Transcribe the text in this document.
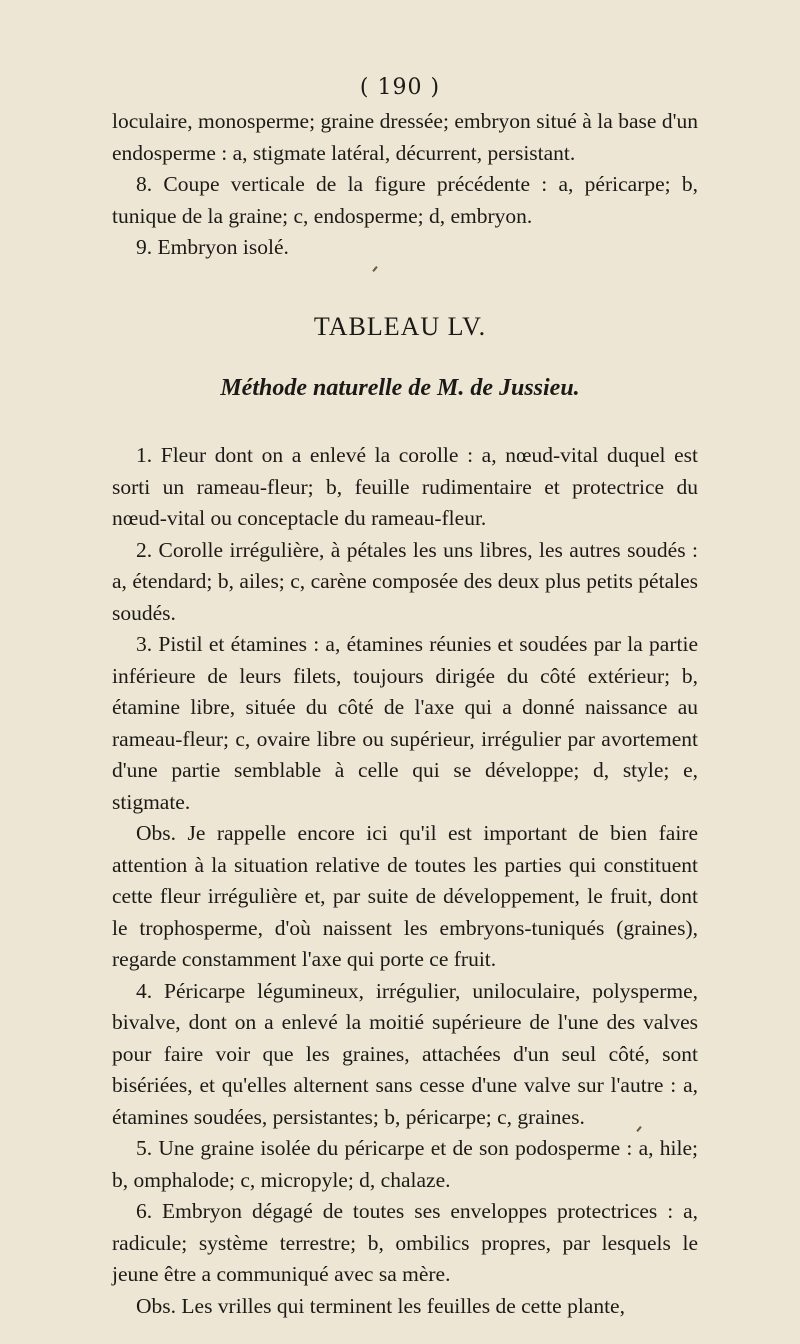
( 190 )

loculaire, monosperme; graine dressée; embryon situé à la base d'un endosperme : a, stigmate latéral, décurrent, persistant.

8. Coupe verticale de la figure précédente : a, péricarpe; b, tunique de la graine; c, endosperme; d, embryon.

9. Embryon isolé.

TABLEAU LV.
Méthode naturelle de M. de Jussieu.

1. Fleur dont on a enlevé la corolle : a, nœud-vital duquel est sorti un rameau-fleur; b, feuille rudimentaire et protectrice du nœud-vital ou conceptacle du rameau-fleur.

2. Corolle irrégulière, à pétales les uns libres, les autres soudés : a, étendard; b, ailes; c, carène composée des deux plus petits pétales soudés.

3. Pistil et étamines : a, étamines réunies et soudées par la partie inférieure de leurs filets, toujours dirigée du côté extérieur; b, étamine libre, située du côté de l'axe qui a donné naissance au rameau-fleur; c, ovaire libre ou supérieur, irrégulier par avortement d'une partie semblable à celle qui se développe; d, style; e, stigmate.

Obs. Je rappelle encore ici qu'il est important de bien faire attention à la situation relative de toutes les parties qui constituent cette fleur irrégulière et, par suite de développement, le fruit, dont le trophosperme, d'où naissent les embryons-tuniqués (graines), regarde constamment l'axe qui porte ce fruit.

4. Péricarpe légumineux, irrégulier, uniloculaire, polysperme, bivalve, dont on a enlevé la moitié supérieure de l'une des valves pour faire voir que les graines, attachées d'un seul côté, sont bisériées, et qu'elles alternent sans cesse d'une valve sur l'autre : a, étamines soudées, persistantes; b, péricarpe; c, graines.

5. Une graine isolée du péricarpe et de son podosperme : a, hile; b, omphalode; c, micropyle; d, chalaze.

6. Embryon dégagé de toutes ses enveloppes protectrices : a, radicule; système terrestre; b, ombilics propres, par lesquels le jeune être a communiqué avec sa mère.

Obs. Les vrilles qui terminent les feuilles de cette plante,
